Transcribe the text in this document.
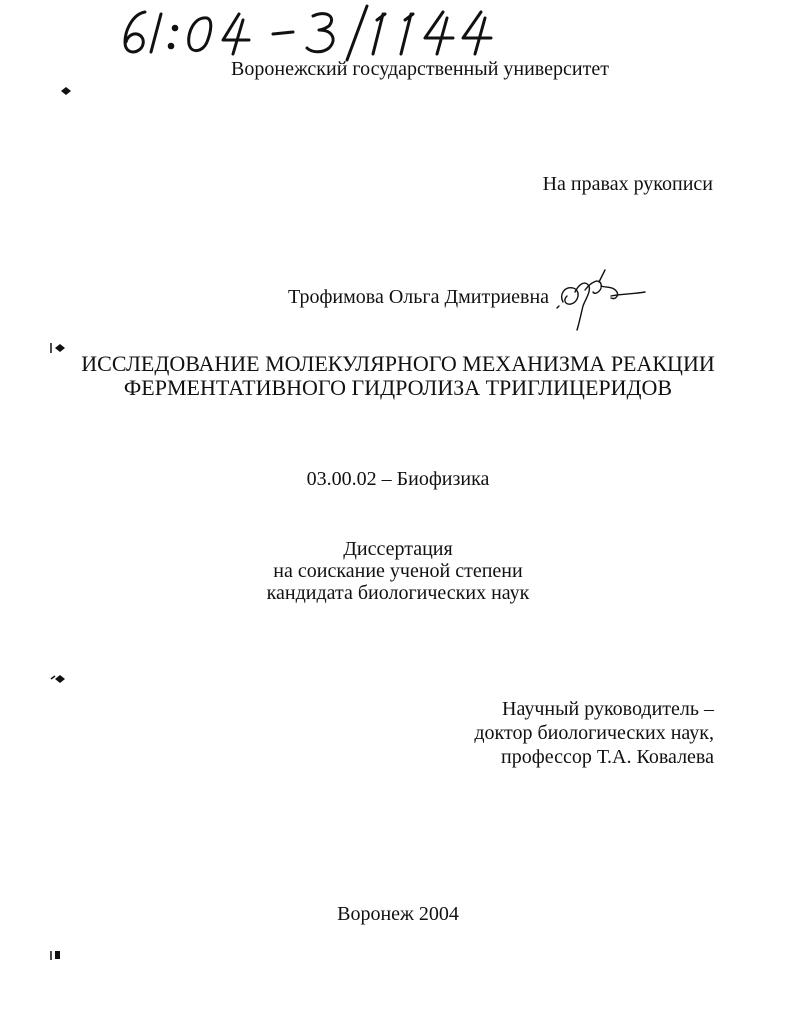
Воронежский государственный университет
На правах рукописи
Трофимова Ольга Дмитриевна
ИССЛЕДОВАНИЕ МОЛЕКУЛЯРНОГО МЕХАНИЗМА РЕАКЦИИ
ФЕРМЕНТАТИВНОГО ГИДРОЛИЗА ТРИГЛИЦЕРИДОВ
03.00.02 – Биофизика
Диссертация
на соискание ученой степени
кандидата биологических наук
Научный руководитель –
доктор биологических наук,
профессор Т.А. Ковалева
Воронеж 2004
